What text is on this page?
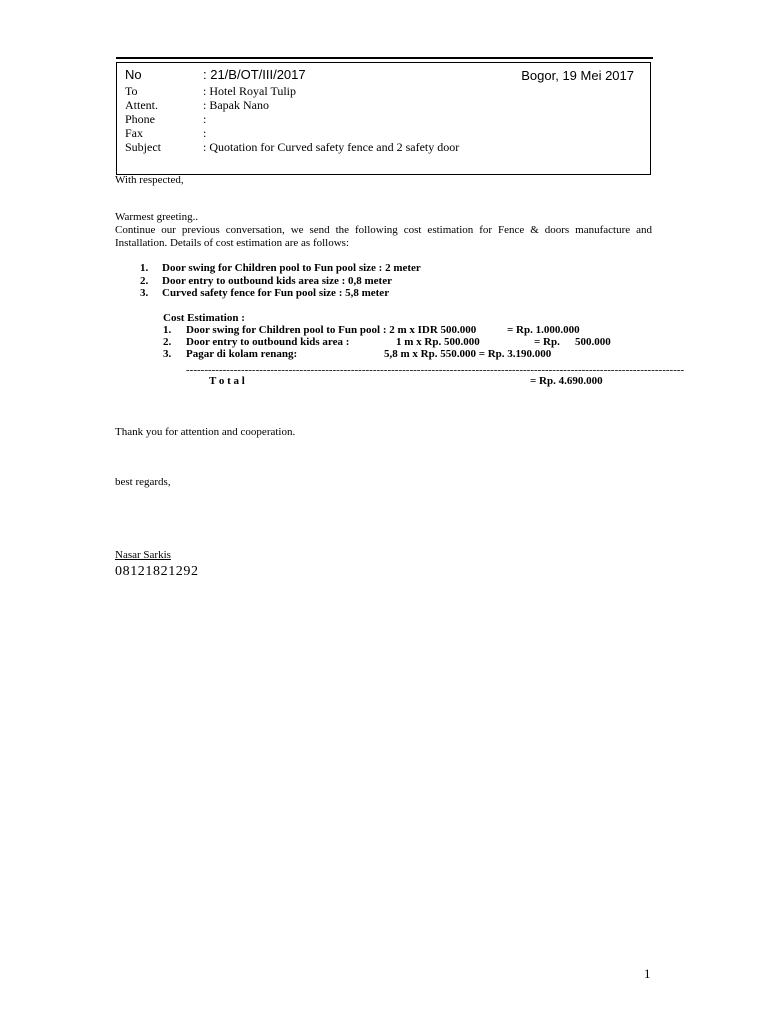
No	: 21/B/OT/III/2017	Bogor, 19 Mei 2017
To	: Hotel Royal Tulip
Attent.	: Bapak Nano
Phone	:
Fax	:
Subject	: Quotation for Curved safety fence and 2 safety door
With respected,
Warmest greeting..
Continue our previous conversation, we send the following cost estimation for Fence & doors manufacture and Installation. Details of cost estimation are as follows:
1. Door swing for Children pool to Fun pool size : 2 meter
2. Door entry to outbound kids area size : 0,8 meter
3. Curved safety fence for Fun pool size : 5,8 meter
Cost Estimation :
1. Door swing for Children pool to Fun pool : 2 m x IDR 500.000	= Rp. 1.000.000
2. Door entry to outbound kids area :	1 m x Rp. 500.000	= Rp. 500.000
3. Pagar di kolam renang:	5,8 m x Rp. 550.000 = Rp. 3.190.000
----------------------------------------------------------------------------------------------------------------------------------------
T o t a l	= Rp. 4.690.000
Thank you for attention and cooperation.
best regards,
Nasar Sarkis
08121821292
1
